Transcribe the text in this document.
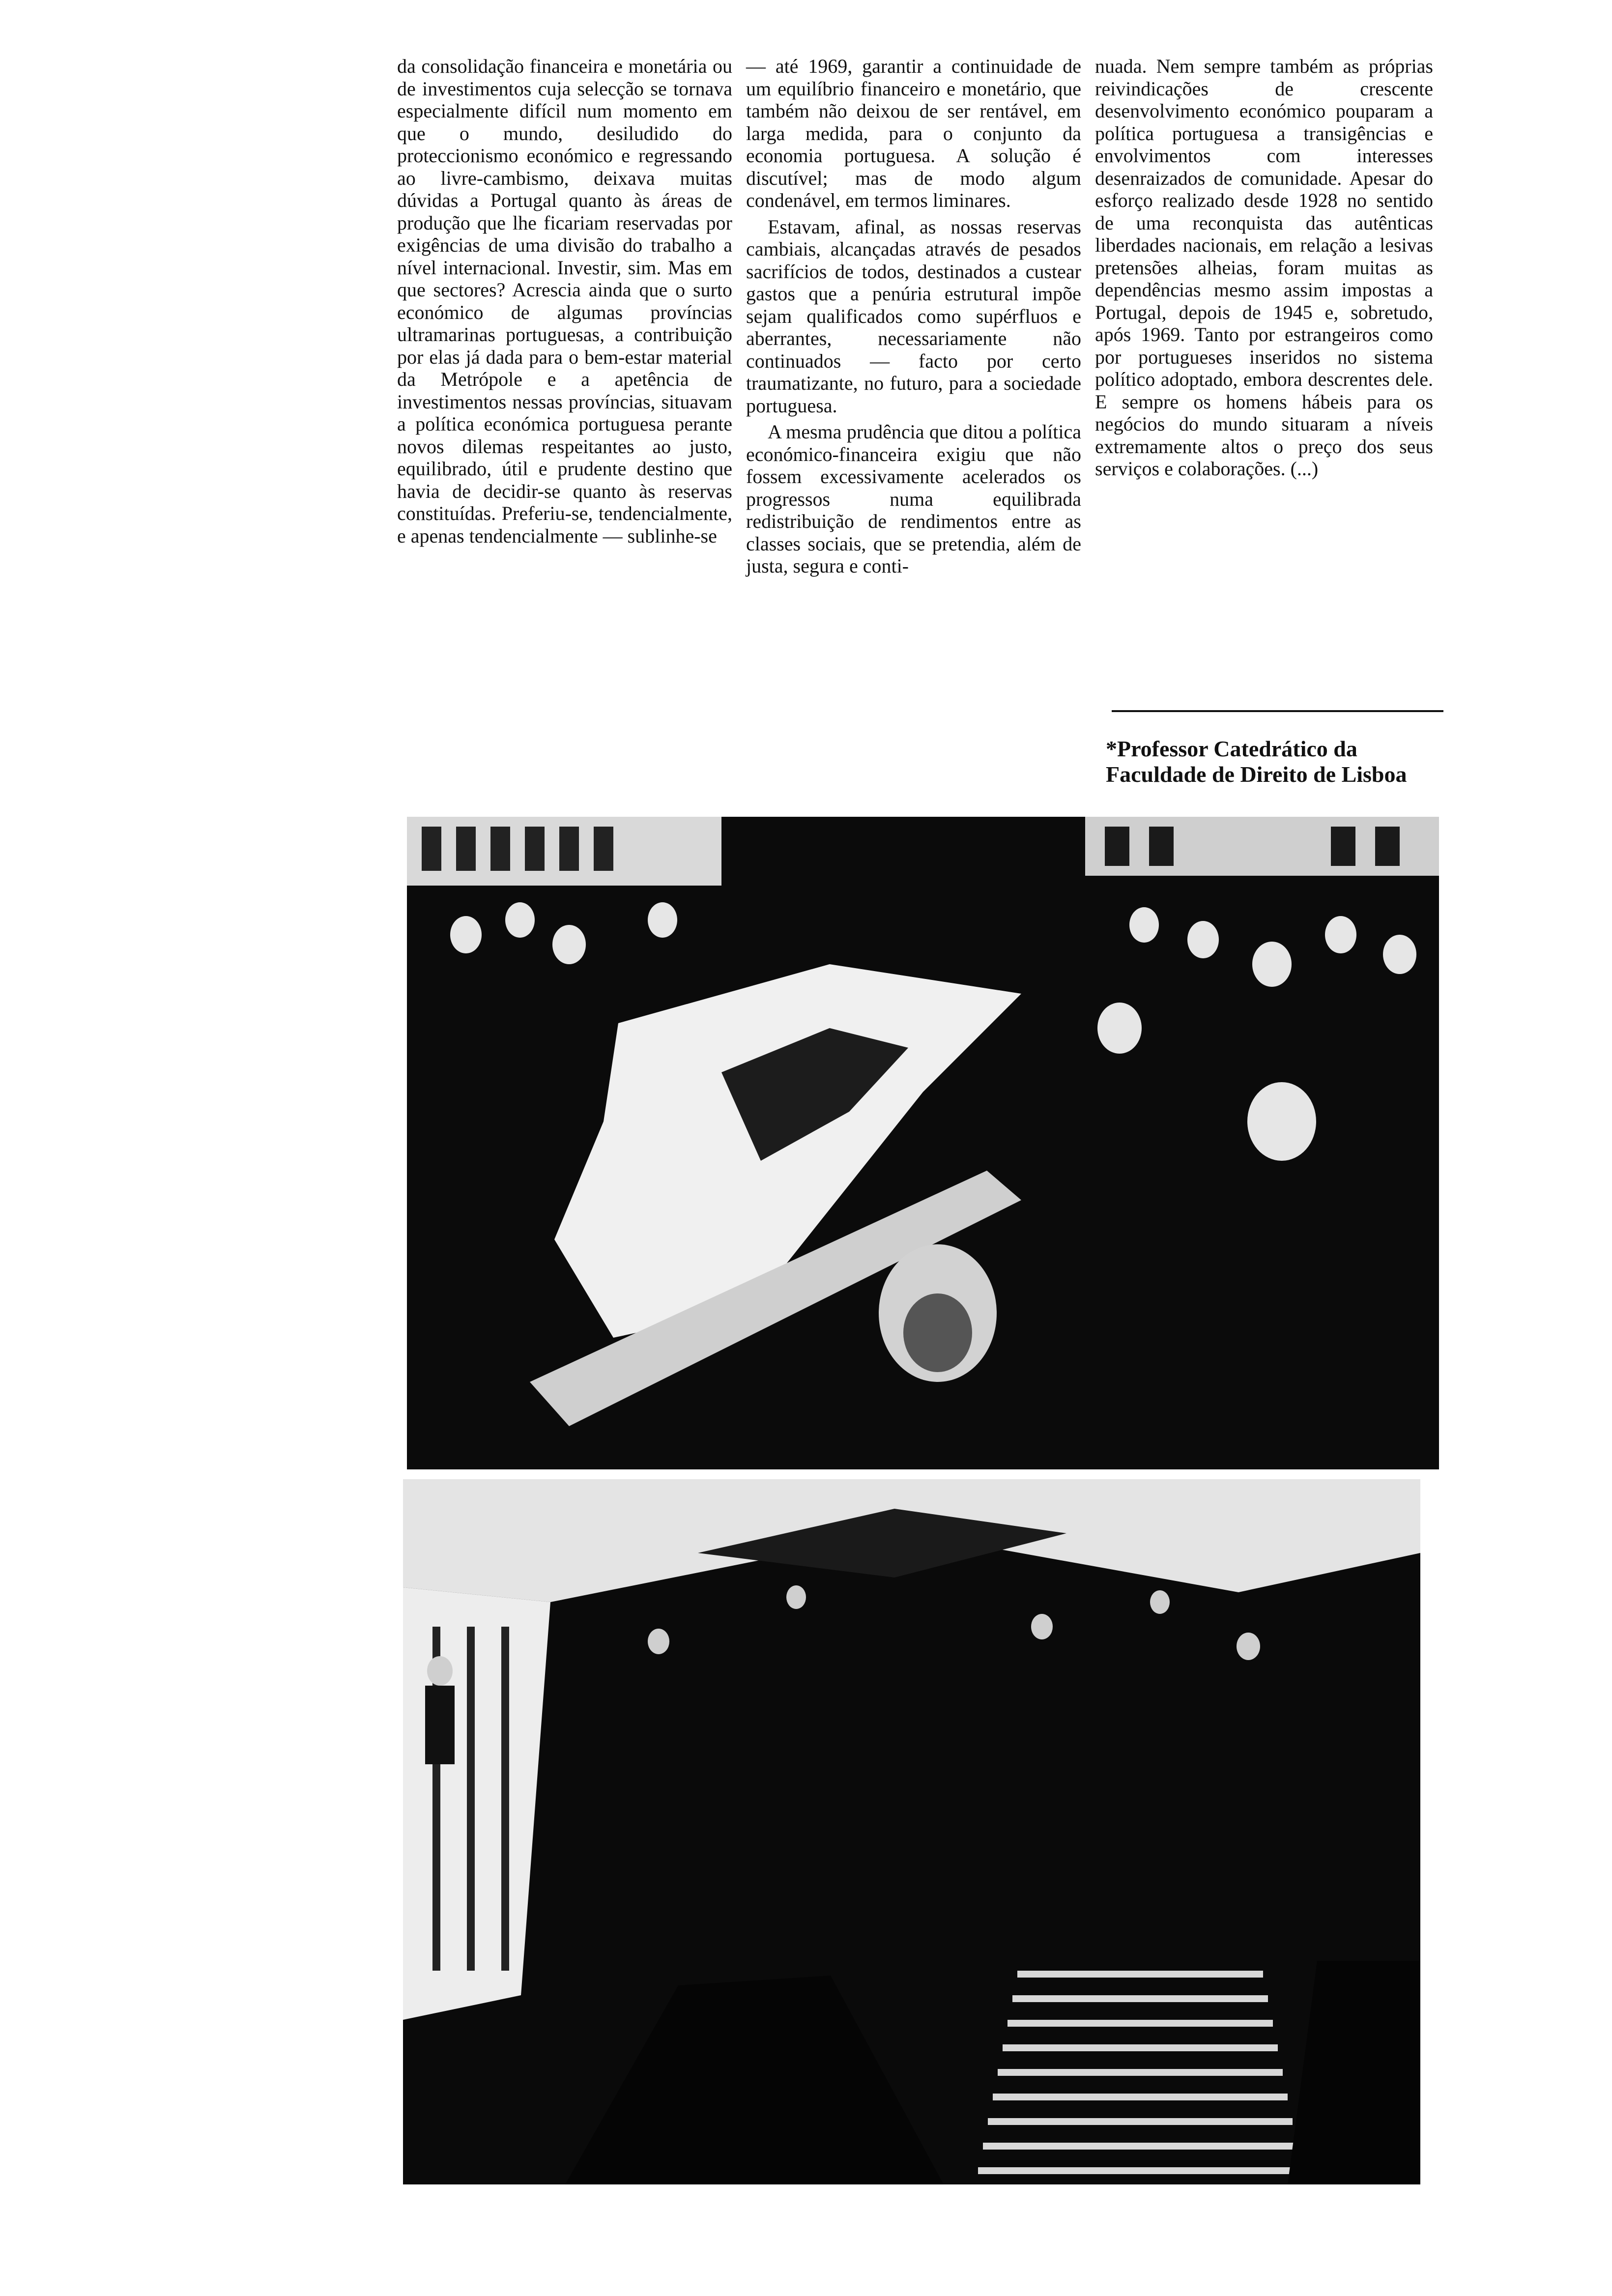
da consolidação financeira e monetária ou de investimentos cuja selecção se tornava especialmente difícil num momento em que o mundo, desiludido do proteccionismo económico e regressando ao livre-cambismo, deixava muitas dúvidas a Portugal quanto às áreas de produção que lhe ficariam reservadas por exigências de uma divisão do trabalho a nível internacional. Investir, sim. Mas em que sectores? Acrescia ainda que o surto económico de algumas províncias ultramarinas portuguesas, a contribuição por elas já dada para o bem-estar material da Metrópole e a apetência de investimentos nessas províncias, situavam a política económica portuguesa perante novos dilemas respeitantes ao justo, equilibrado, útil e prudente destino que havia de decidir-se quanto às reservas constituídas. Preferiu-se, tendencialmente, e apenas tendencialmente — sublinhe-se

— até 1969, garantir a continuidade de um equilíbrio financeiro e monetário, que também não deixou de ser rentável, em larga medida, para o conjunto da economia portuguesa. A solução é discutível; mas de modo algum condenável, em termos liminares.

Estavam, afinal, as nossas reservas cambiais, alcançadas através de pesados sacrifícios de todos, destinados a custear gastos que a penúria estrutural impõe sejam qualificados como supérfluos e aberrantes, necessariamente não continuados — facto por certo traumatizante, no futuro, para a sociedade portuguesa.

A mesma prudência que ditou a política económico-financeira exigiu que não fossem excessivamente acelerados os progressos numa equilibrada redistribuição de rendimentos entre as classes sociais, que se pretendia, além de justa, segura e conti-

nuada. Nem sempre também as próprias reivindicações de crescente desenvolvimento económico pouparam a política portuguesa a transigências e envolvimentos com interesses desenraizados de comunidade. Apesar do esforço realizado desde 1928 no sentido de uma reconquista das autênticas liberdades nacionais, em relação a lesivas pretensões alheias, foram muitas as dependências mesmo assim impostas a Portugal, depois de 1945 e, sobretudo, após 1969. Tanto por estrangeiros como por portugueses inseridos no sistema político adoptado, embora descrentes dele. E sempre os homens hábeis para os negócios do mundo situaram a níveis extremamente altos o preço dos seus serviços e colaborações. (...)

*Professor Catedrático da Faculdade de Direito de Lisboa
